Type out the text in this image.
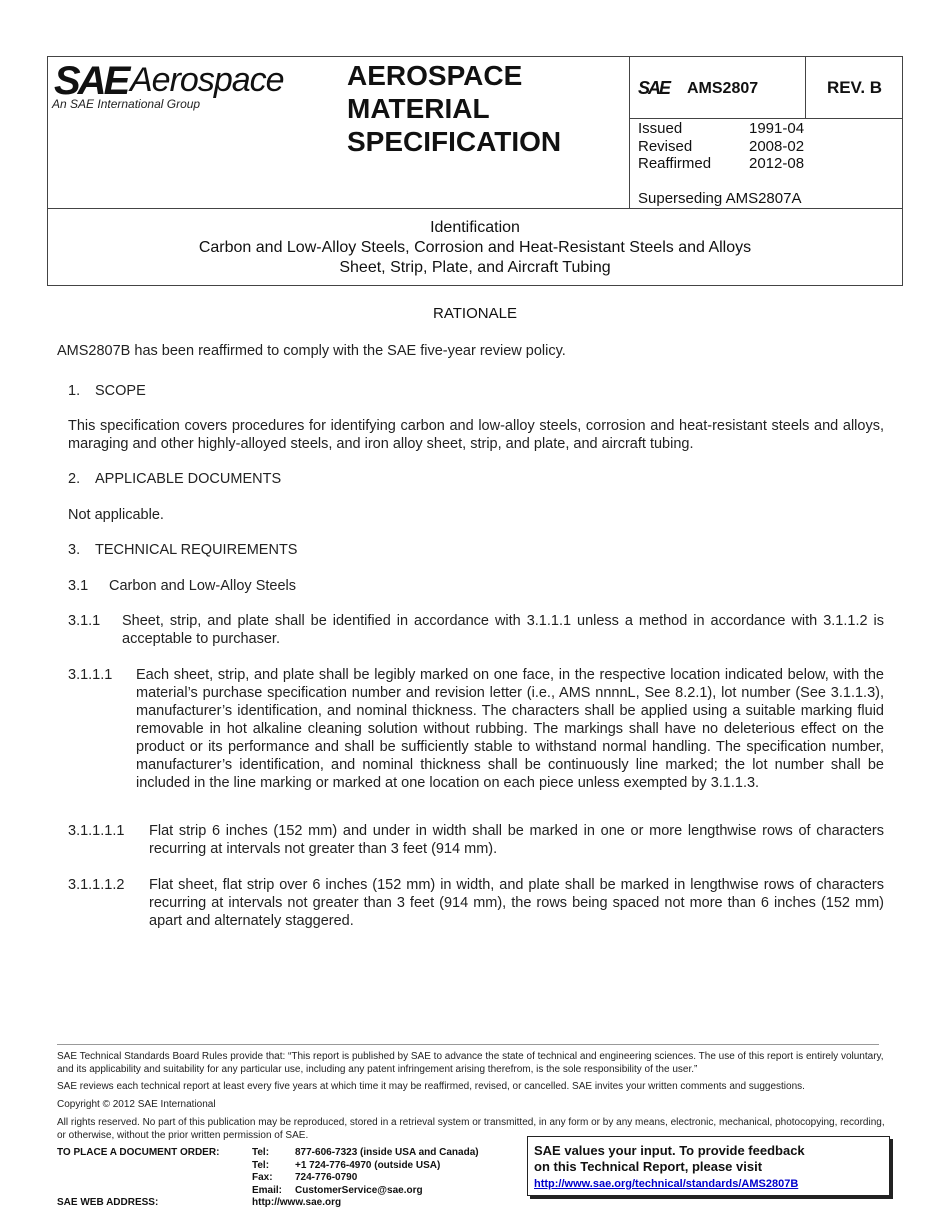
SAE Aerospace
An SAE International Group
AEROSPACE
MATERIAL
SPECIFICATION
SAE AMS2807	REV. B
Issued	1991-04
Revised	2008-02
Reaffirmed	2012-08
Superseding AMS2807A
Identification
Carbon and Low-Alloy Steels, Corrosion and Heat-Resistant Steels and Alloys
Sheet, Strip, Plate, and Aircraft Tubing
RATIONALE
AMS2807B has been reaffirmed to comply with the SAE five-year review policy.
1. SCOPE
This specification covers procedures for identifying carbon and low-alloy steels, corrosion and heat-resistant steels and alloys, maraging and other highly-alloyed steels, and iron alloy sheet, strip, and plate, and aircraft tubing.
2. APPLICABLE DOCUMENTS
Not applicable.
3. TECHNICAL REQUIREMENTS
3.1 Carbon and Low-Alloy Steels
3.1.1 Sheet, strip, and plate shall be identified in accordance with 3.1.1.1 unless a method in accordance with 3.1.1.2 is acceptable to purchaser.
3.1.1.1 Each sheet, strip, and plate shall be legibly marked on one face, in the respective location indicated below, with the material’s purchase specification number and revision letter (i.e., AMS nnnnL, See 8.2.1), lot number (See 3.1.1.3), manufacturer’s identification, and nominal thickness. The characters shall be applied using a suitable marking fluid removable in hot alkaline cleaning solution without rubbing. The markings shall have no deleterious effect on the product or its performance and shall be sufficiently stable to withstand normal handling. The specification number, manufacturer’s identification, and nominal thickness shall be continuously line marked; the lot number shall be included in the line marking or marked at one location on each piece unless exempted by 3.1.1.3.
3.1.1.1.1 Flat strip 6 inches (152 mm) and under in width shall be marked in one or more lengthwise rows of characters recurring at intervals not greater than 3 feet (914 mm).
3.1.1.1.2 Flat sheet, flat strip over 6 inches (152 mm) in width, and plate shall be marked in lengthwise rows of characters recurring at intervals not greater than 3 feet (914 mm), the rows being spaced not more than 6 inches (152 mm) apart and alternately staggered.
SAE Technical Standards Board Rules provide that: “This report is published by SAE to advance the state of technical and engineering sciences. The use of this report is entirely voluntary, and its applicability and suitability for any particular use, including any patent infringement arising therefrom, is the sole responsibility of the user.”
SAE reviews each technical report at least every five years at which time it may be reaffirmed, revised, or cancelled. SAE invites your written comments and suggestions.
Copyright © 2012 SAE International
All rights reserved. No part of this publication may be reproduced, stored in a retrieval system or transmitted, in any form or by any means, electronic, mechanical, photocopying, recording, or otherwise, without the prior written permission of SAE.
TO PLACE A DOCUMENT ORDER:	Tel:	877-606-7323 (inside USA and Canada)
Tel:	+1 724-776-4970 (outside USA)
Fax: 724-776-0790
Email: CustomerService@sae.org
SAE WEB ADDRESS:	http://www.sae.org
SAE values your input. To provide feedback
on this Technical Report, please visit
http://www.sae.org/technical/standards/AMS2807B
